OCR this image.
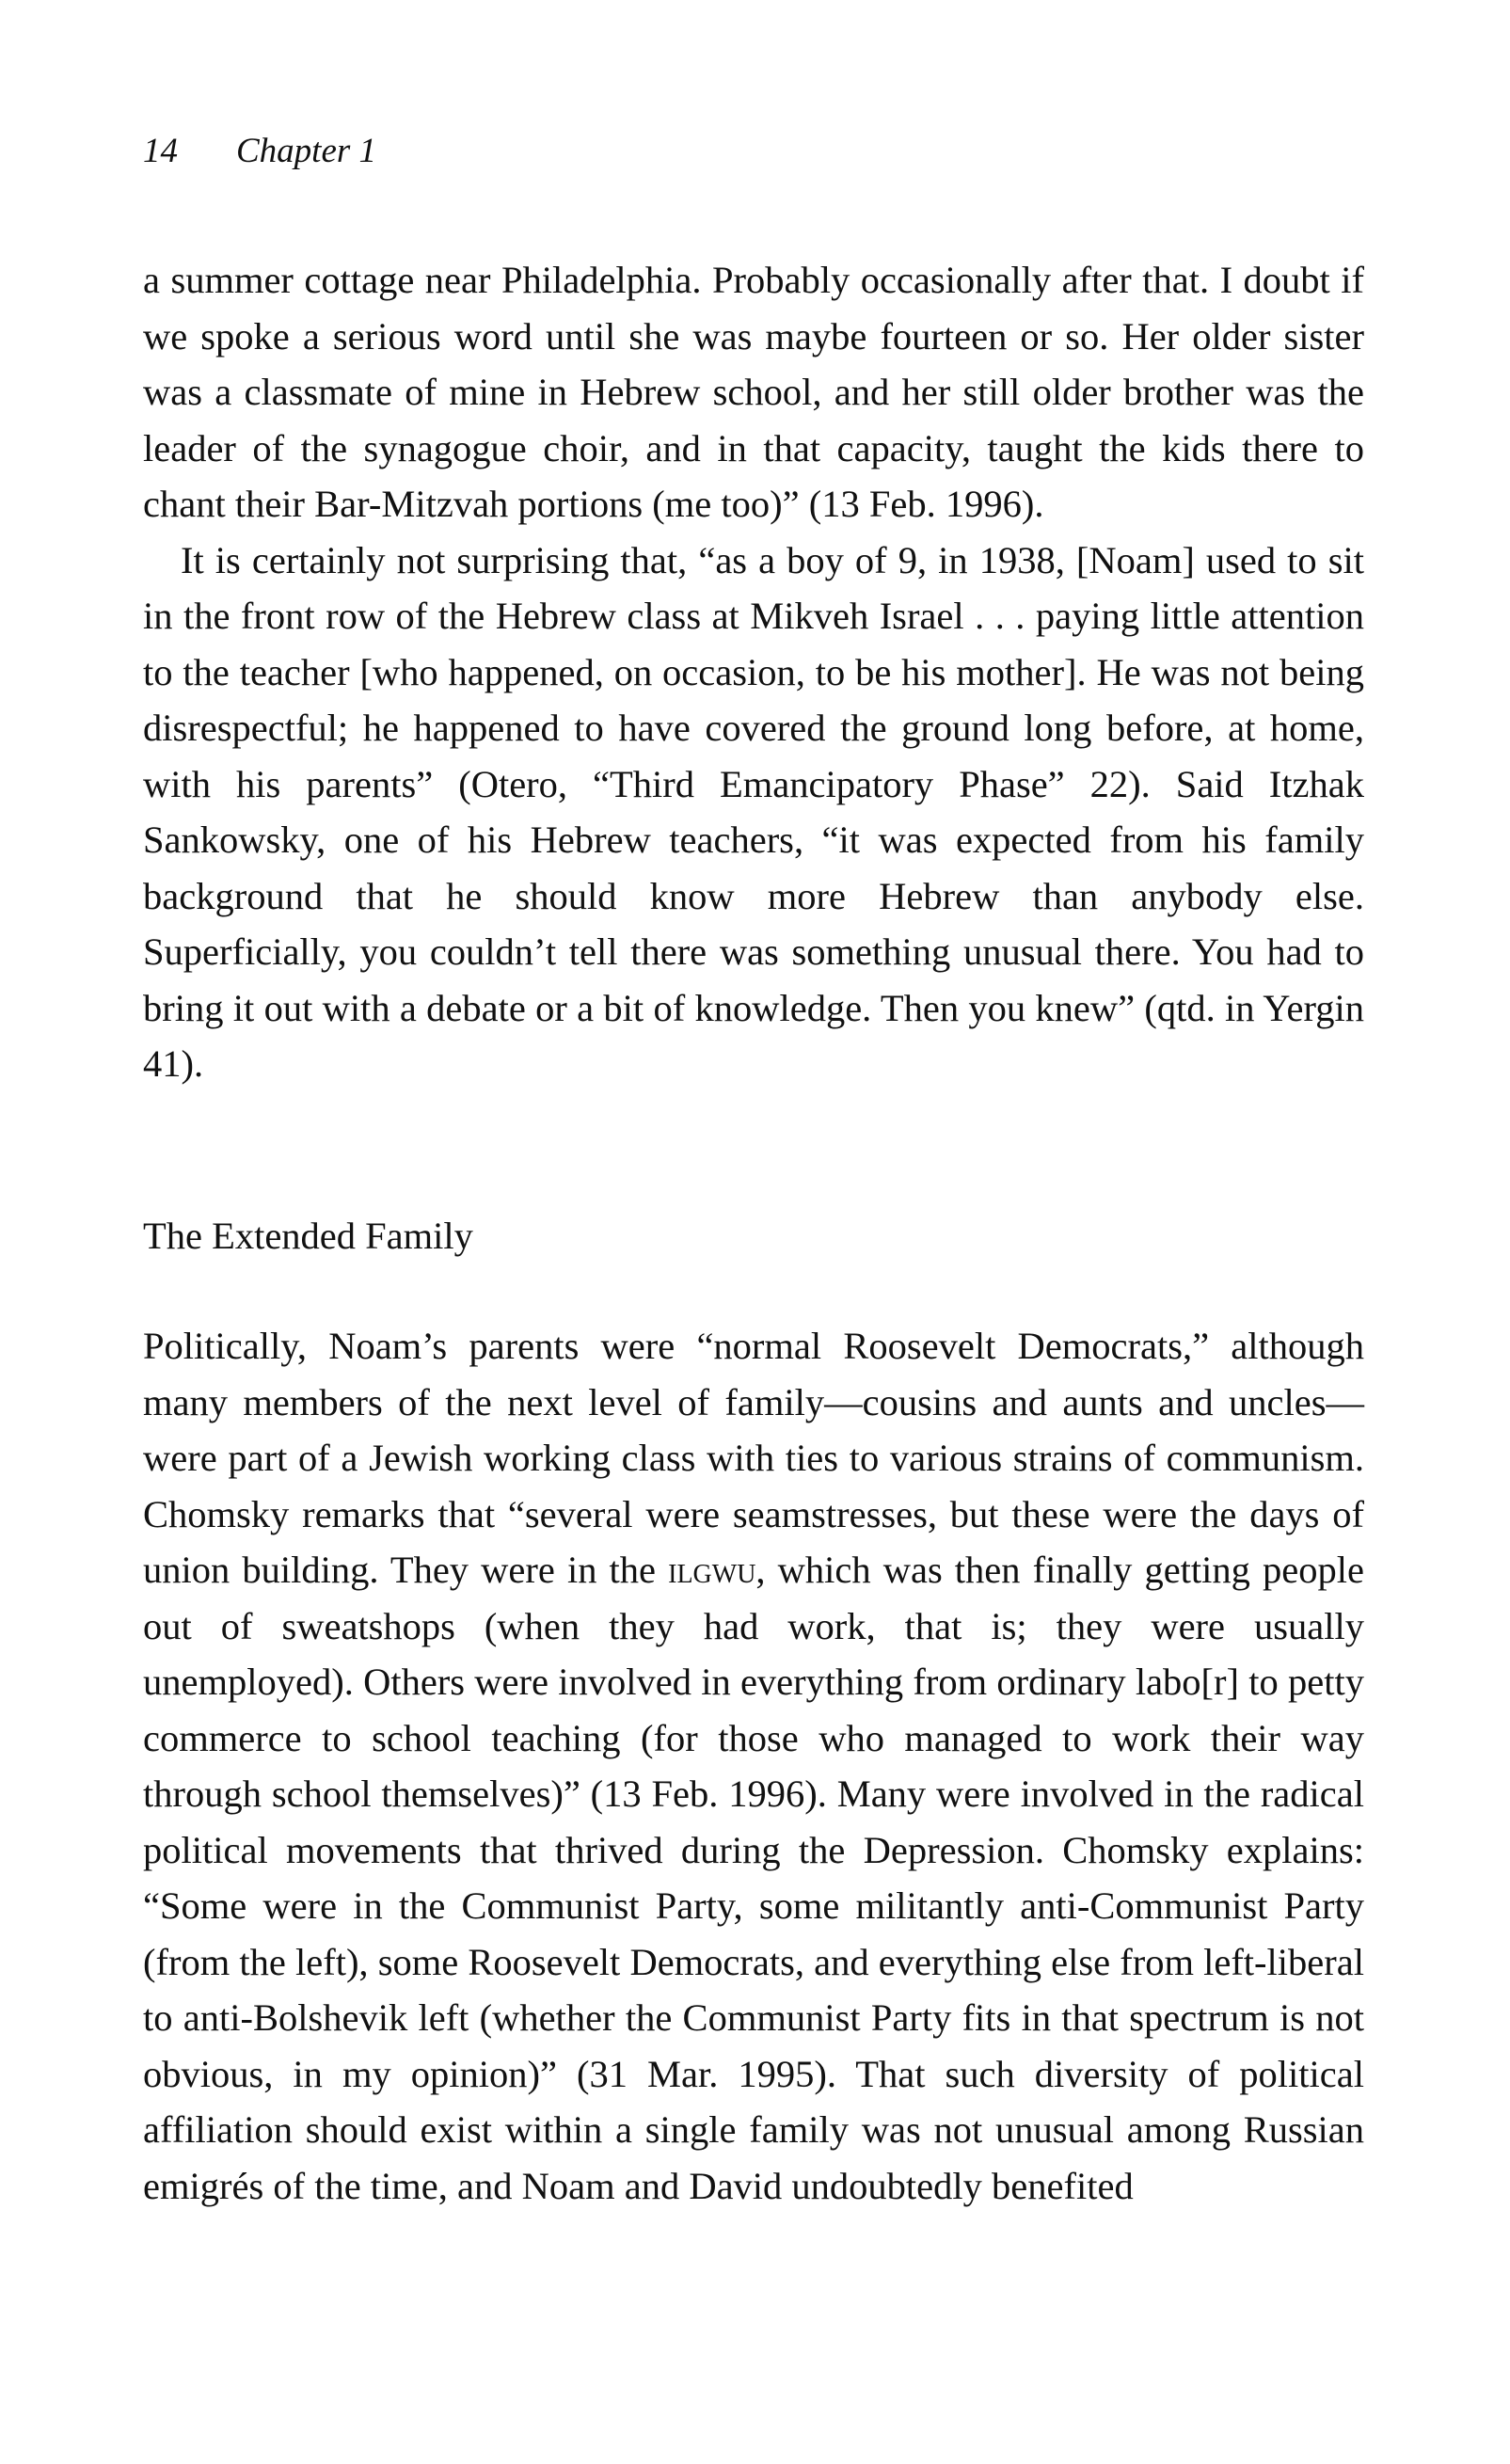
14 Chapter 1

a summer cottage near Philadelphia. Probably occasionally after that. I doubt if we spoke a serious word until she was maybe fourteen or so. Her older sister was a classmate of mine in Hebrew school, and her still older brother was the leader of the synagogue choir, and in that capacity, taught the kids there to chant their Bar-Mitzvah portions (me too)” (13 Feb. 1996).

It is certainly not surprising that, “as a boy of 9, in 1938, [Noam] used to sit in the front row of the Hebrew class at Mikveh Israel . . . paying little attention to the teacher [who happened, on occasion, to be his mother]. He was not being disrespectful; he happened to have covered the ground long before, at home, with his parents” (Otero, “Third Emancipatory Phase” 22). Said Itzhak Sankowsky, one of his Hebrew teachers, “it was expected from his family background that he should know more Hebrew than anybody else. Superficially, you couldn’t tell there was something unusual there. You had to bring it out with a debate or a bit of knowledge. Then you knew” (qtd. in Yergin 41).

The Extended Family

Politically, Noam’s parents were “normal Roosevelt Democrats,” although many members of the next level of family—cousins and aunts and uncles—were part of a Jewish working class with ties to various strains of communism. Chomsky remarks that “several were seamstresses, but these were the days of union building. They were in the ilgwu, which was then finally getting people out of sweatshops (when they had work, that is; they were usually unemployed). Others were involved in everything from ordinary labo[r] to petty commerce to school teaching (for those who managed to work their way through school themselves)” (13 Feb. 1996). Many were involved in the radical political movements that thrived during the Depression. Chomsky explains: “Some were in the Communist Party, some militantly anti-Communist Party (from the left), some Roosevelt Democrats, and everything else from left-liberal to anti-Bolshevik left (whether the Communist Party fits in that spectrum is not obvious, in my opinion)” (31 Mar. 1995). That such diversity of political affiliation should exist within a single family was not unusual among Russian emigrés of the time, and Noam and David undoubtedly benefited
